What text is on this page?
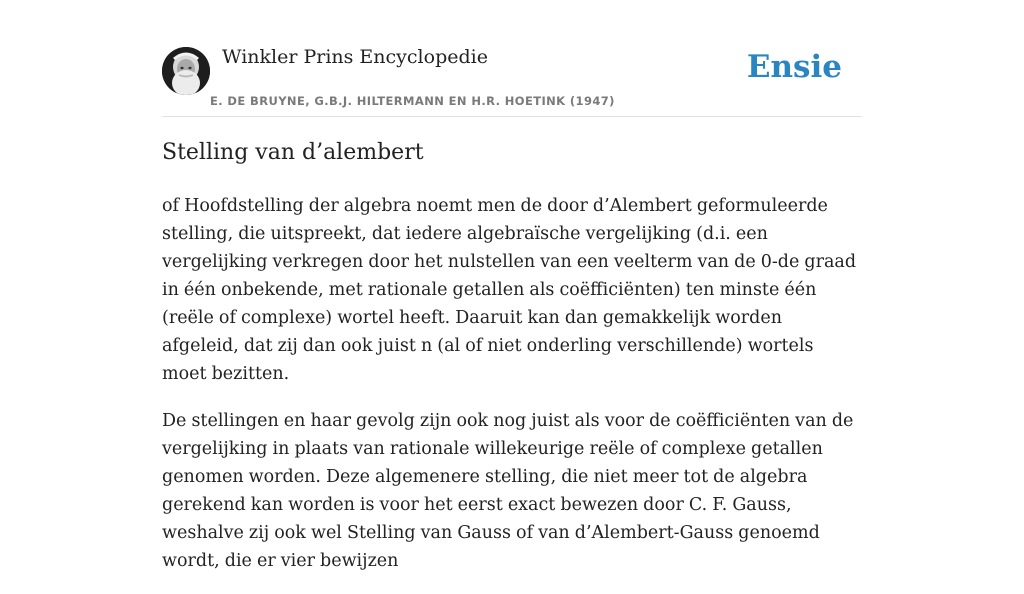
Winkler Prins Encyclopedie
E. DE BRUYNE, G.B.J. HILTERMANN EN H.R. HOETINK (1947)
Ensie
Stelling van d’alembert

of Hoofdstelling der algebra noemt men de door d’Alembert geformuleerde stelling, die uitspreekt, dat iedere algebraïsche vergelijking (d.i. een vergelijking verkregen door het nulstellen van een veelterm van de 0-de graad in één onbekende, met rationale getallen als coëfficiënten) ten minste één (reële of complexe) wortel heeft. Daaruit kan dan gemakkelijk worden afgeleid, dat zij dan ook juist n (al of niet onderling verschillende) wortels moet bezitten.

De stellingen en haar gevolg zijn ook nog juist als voor de coëfficiënten van de vergelijking in plaats van rationale willekeurige reële of complexe getallen genomen worden. Deze algemenere stelling, die niet meer tot de algebra gerekend kan worden is voor het eerst exact bewezen door C. F. Gauss, weshalve zij ook wel Stelling van Gauss of van d’Alembert-Gauss genoemd wordt, die er vier bewijzen
